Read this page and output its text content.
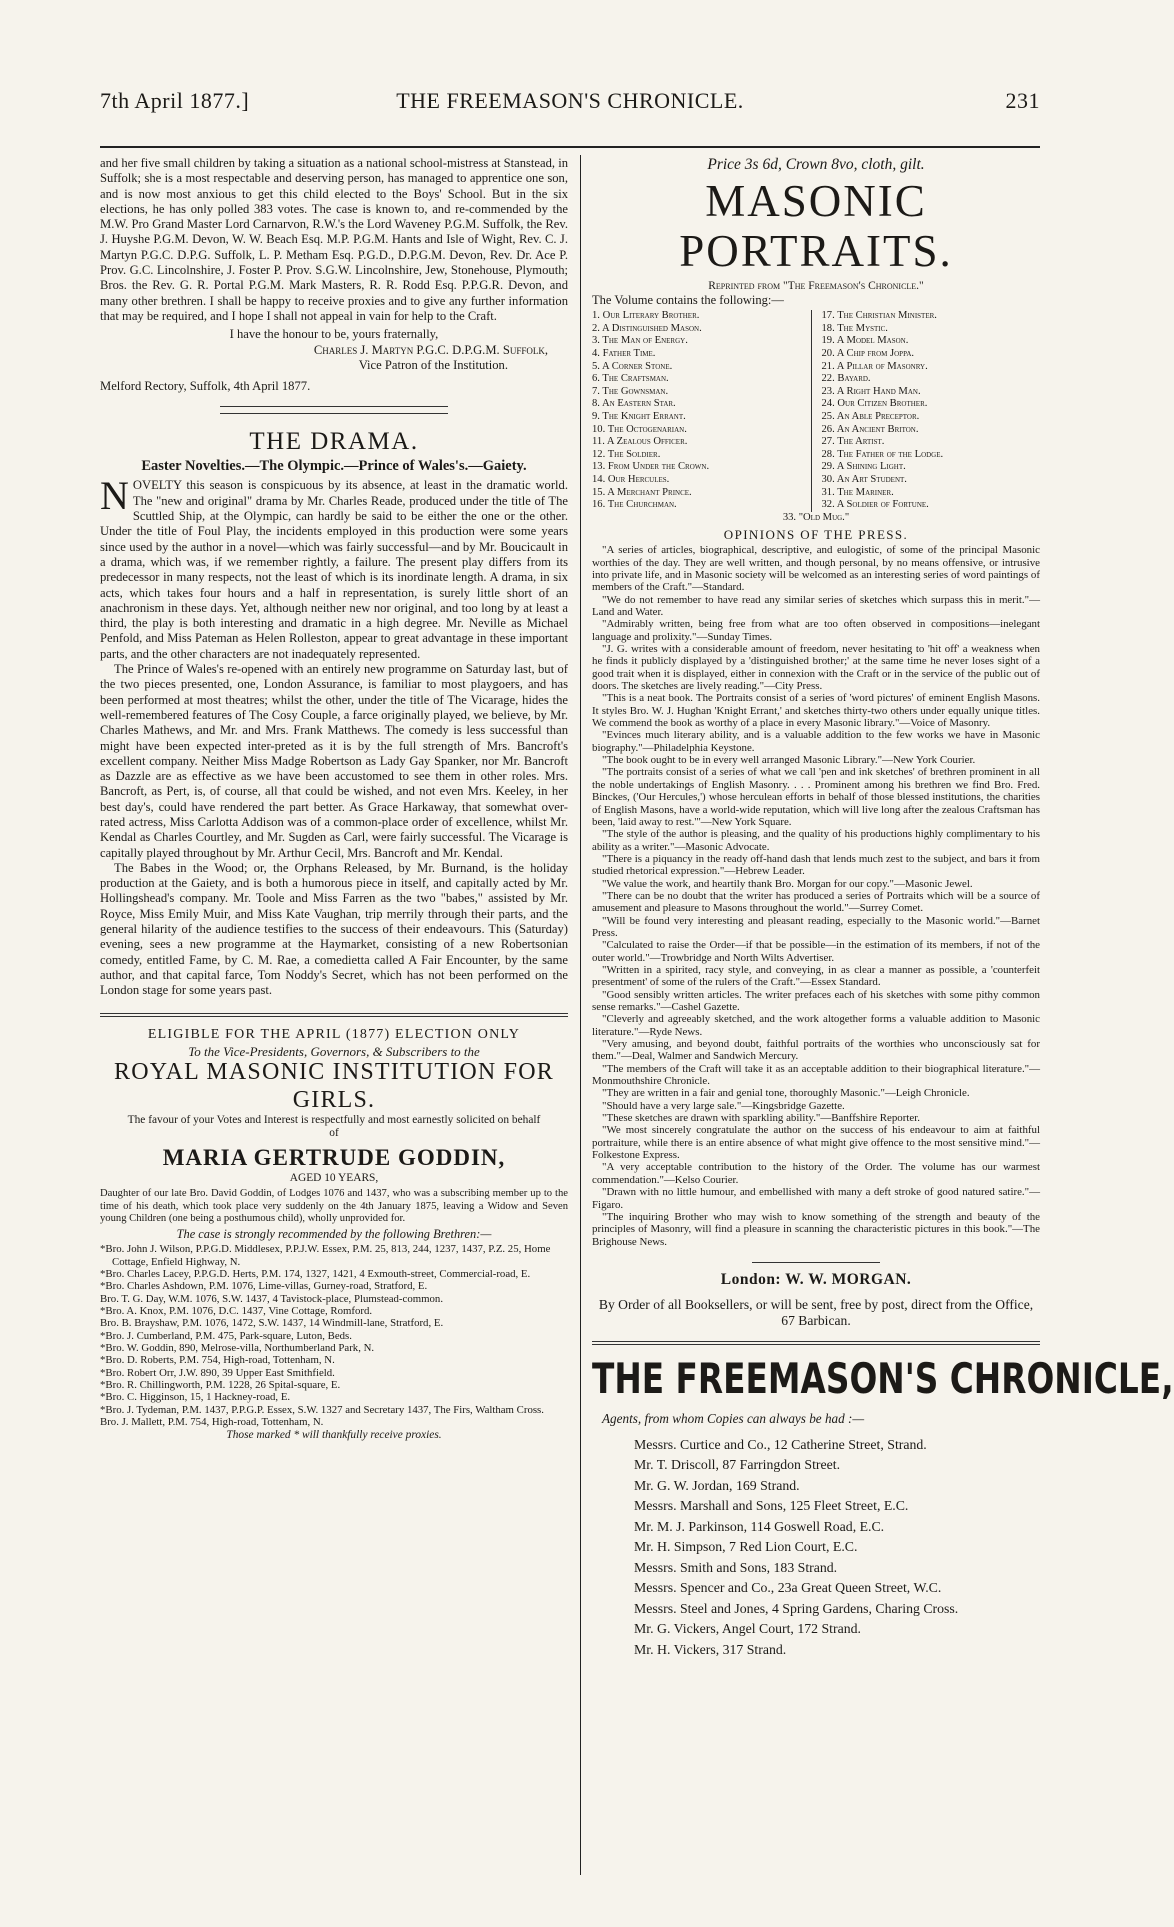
7th April 1877.]	THE FREEMASON'S CHRONICLE.	231

and her five small children by taking a situation as a national school-mistress at Stanstead, in Suffolk; she is a most respectable and deserving person, has managed to apprentice one son, and is now most anxious to get this child elected to the Boys' School. But in the six elections, he has only polled 383 votes. The case is known to, and re-commended by the M.W. Pro Grand Master Lord Carnarvon, R.W.'s the Lord Waveney P.G.M. Suffolk, the Rev. J. Huyshe P.G.M. Devon, W. W. Beach Esq. M.P. P.G.M. Hants and Isle of Wight, Rev. C. J. Martyn P.G.C. D.P.G. Suffolk, L. P. Metham Esq. P.G.D., D.P.G.M. Devon, Rev. Dr. Ace P. Prov. G.C. Lincolnshire, J. Foster P. Prov. S.G.W. Lincolnshire, Jew, Stonehouse, Plymouth; Bros. the Rev. G. R. Portal P.G.M. Mark Masters, R. R. Rodd Esq. P.P.G.R. Devon, and many other brethren. I shall be happy to receive proxies and to give any further information that may be required, and I hope I shall not appeal in vain for help to the Craft.

I have the honour to be, yours fraternally,

Charles J. Martyn P.G.C. D.P.G.M. Suffolk,

Vice Patron of the Institution.

Melford Rectory, Suffolk, 4th April 1877.

THE DRAMA.

Easter Novelties.—The Olympic.—Prince of Wales's.—Gaiety.

N OVELTY this season is conspicuous by its absence, at least in the dramatic world. The "new and original" drama by Mr. Charles Reade, produced under the title of The Scuttled Ship, at the Olympic, can hardly be said to be either the one or the other. Under the title of Foul Play, the incidents employed in this production were some years since used by the author in a novel—which was fairly successful—and by Mr. Boucicault in a drama, which was, if we remember rightly, a failure. The present play differs from its predecessor in many respects, not the least of which is its inordinate length. A drama, in six acts, which takes four hours and a half in representation, is surely little short of an anachronism in these days. Yet, although neither new nor original, and too long by at least a third, the play is both interesting and dramatic in a high degree. Mr. Neville as Michael Penfold, and Miss Pateman as Helen Rolleston, appear to great advantage in these important parts, and the other characters are not inadequately represented.

The Prince of Wales's re-opened with an entirely new programme on Saturday last, but of the two pieces presented, one, London Assurance, is familiar to most playgoers, and has been performed at most theatres; whilst the other, under the title of The Vicarage, hides the well-remembered features of The Cosy Couple, a farce originally played, we believe, by Mr. Charles Mathews, and Mr. and Mrs. Frank Matthews. The comedy is less successful than might have been expected inter-preted as it is by the full strength of Mrs. Bancroft's excellent company. Neither Miss Madge Robertson as Lady Gay Spanker, nor Mr. Bancroft as Dazzle are as effective as we have been accustomed to see them in other roles. Mrs. Bancroft, as Pert, is, of course, all that could be wished, and not even Mrs. Keeley, in her best day's, could have rendered the part better. As Grace Harkaway, that somewhat over-rated actress, Miss Carlotta Addison was of a common-place order of excellence, whilst Mr. Kendal as Charles Courtley, and Mr. Sugden as Carl, were fairly successful. The Vicarage is capitally played throughout by Mr. Arthur Cecil, Mrs. Bancroft and Mr. Kendal.

The Babes in the Wood; or, the Orphans Released, by Mr. Burnand, is the holiday production at the Gaiety, and is both a humorous piece in itself, and capitally acted by Mr. Hollingshead's company. Mr. Toole and Miss Farren as the two "babes," assisted by Mr. Royce, Miss Emily Muir, and Miss Kate Vaughan, trip merrily through their parts, and the general hilarity of the audience testifies to the success of their endeavours. This (Saturday) evening, sees a new programme at the Haymarket, consisting of a new Robertsonian comedy, entitled Fame, by C. M. Rae, a comedietta called A Fair Encounter, by the same author, and that capital farce, Tom Noddy's Secret, which has not been performed on the London stage for some years past.

ELIGIBLE FOR THE APRIL (1877) ELECTION ONLY

To the Vice-Presidents, Governors, & Subscribers to the

ROYAL MASONIC INSTITUTION FOR GIRLS.

The favour of your Votes and Interest is respectfully and most earnestly solicited on behalf of

MARIA GERTRUDE GODDIN,

AGED 10 YEARS,

Daughter of our late Bro. David Goddin, of Lodges 1076 and 1437, who was a subscribing member up to the time of his death, which took place very suddenly on the 4th January 1875, leaving a Widow and Seven young Children (one being a posthumous child), wholly unprovided for.

The case is strongly recommended by the following Brethren:—

*Bro. John J. Wilson, P.P.G.D. Middlesex, P.P.J.W. Essex, P.M. 25, 813, 244, 1237, 1437, P.Z. 25, Home Cottage, Enfield Highway, N.

*Bro. Charles Lacey, P.P.G.D. Herts, P.M. 174, 1327, 1421, 4 Exmouth-street, Commercial-road, E.

*Bro. Charles Ashdown, P.M. 1076, Lime-villas, Gurney-road, Stratford, E.

Bro. T. G. Day, W.M. 1076, S.W. 1437, 4 Tavistock-place, Plumstead-common.

*Bro. A. Knox, P.M. 1076, D.C. 1437, Vine Cottage, Romford.

Bro. B. Brayshaw, P.M. 1076, 1472, S.W. 1437, 14 Windmill-lane, Stratford, E.

*Bro. J. Cumberland, P.M. 475, Park-square, Luton, Beds.

*Bro. W. Goddin, 890, Melrose-villa, Northumberland Park, N.

*Bro. D. Roberts, P.M. 754, High-road, Tottenham, N.

*Bro. Robert Orr, J.W. 890, 39 Upper East Smithfield.

*Bro. R. Chillingworth, P.M. 1228, 26 Spital-square, E.

*Bro. C. Higginson, 15, 1 Hackney-road, E.

*Bro. J. Tydeman, P.M. 1437, P.P.G.P. Essex, S.W. 1327 and Secretary 1437, The Firs, Waltham Cross.

Bro. J. Mallett, P.M. 754, High-road, Tottenham, N.

Those marked * will thankfully receive proxies.

Price 3s 6d, Crown 8vo, cloth, gilt.

MASONIC PORTRAITS.

Reprinted from "The Freemason's Chronicle."

The Volume contains the following:—

1. Our Literary Brother.
2. A Distinguished Mason.
3. The Man of Energy.
4. Father Time.
5. A Corner Stone.
6. The Craftsman.
7. The Gownsman.
8. An Eastern Star.
9. The Knight Errant.
10. The Octogenarian.
11. A Zealous Officer.
12. The Soldier.
13. From Under the Crown.
14. Our Hercules.
15. A Merchant Prince.
16. The Churchman.
17. The Christian Minister.
18. The Mystic.
19. A Model Mason.
20. A Chip from Joppa.
21. A Pillar of Masonry.
22. Bayard.
23. A Right Hand Man.
24. Our Citizen Brother.
25. An Able Preceptor.
26. An Ancient Briton.
27. The Artist.
28. The Father of the Lodge.
29. A Shining Light.
30. An Art Student.
31. The Mariner.
32. A Soldier of Fortune.

33. "Old Mug."

OPINIONS OF THE PRESS.

"A series of articles, biographical, descriptive, and eulogistic, of some of the principal Masonic worthies of the day. They are well written, and though personal, by no means offensive, or intrusive into private life, and in Masonic society will be welcomed as an interesting series of word paintings of members of the Craft."—Standard.

"We do not remember to have read any similar series of sketches which surpass this in merit."—Land and Water.

"Admirably written, being free from what are too often observed in compositions—inelegant language and prolixity."—Sunday Times.

"J. G. writes with a considerable amount of freedom, never hesitating to 'hit off' a weakness when he finds it publicly displayed by a 'distinguished brother;' at the same time he never loses sight of a good trait when it is displayed, either in connexion with the Craft or in the service of the public out of doors. The sketches are lively reading."—City Press.

"This is a neat book. The Portraits consist of a series of 'word pictures' of eminent English Masons. It styles Bro. W. J. Hughan 'Knight Errant,' and sketches thirty-two others under equally unique titles. We commend the book as worthy of a place in every Masonic library."—Voice of Masonry.

"Evinces much literary ability, and is a valuable addition to the few works we have in Masonic biography."—Philadelphia Keystone.

"The book ought to be in every well arranged Masonic Library."—New York Courier.

"The portraits consist of a series of what we call 'pen and ink sketches' of brethren prominent in all the noble undertakings of English Masonry. . . . Prominent among his brethren we find Bro. Fred. Binckes, ('Our Hercules,') whose herculean efforts in behalf of those blessed institutions, the charities of English Masons, have a world-wide reputation, which will live long after the zealous Craftsman has been, 'laid away to rest.'"—New York Square.

"The style of the author is pleasing, and the quality of his productions highly complimentary to his ability as a writer."—Masonic Advocate.

"There is a piquancy in the ready off-hand dash that lends much zest to the subject, and bars it from studied rhetorical expression."—Hebrew Leader.

"We value the work, and heartily thank Bro. Morgan for our copy."—Masonic Jewel.

"There can be no doubt that the writer has produced a series of Portraits which will be a source of amusement and pleasure to Masons throughout the world."—Surrey Comet.

"Will be found very interesting and pleasant reading, especially to the Masonic world."—Barnet Press.

"Calculated to raise the Order—if that be possible—in the estimation of its members, if not of the outer world."—Trowbridge and North Wilts Advertiser.

"Written in a spirited, racy style, and conveying, in as clear a manner as possible, a 'counterfeit presentment' of some of the rulers of the Craft."—Essex Standard.

"Good sensibly written articles. The writer prefaces each of his sketches with some pithy common sense remarks."—Cashel Gazette.

"Cleverly and agreeably sketched, and the work altogether forms a valuable addition to Masonic literature."—Ryde News.

"Very amusing, and beyond doubt, faithful portraits of the worthies who unconsciously sat for them."—Deal, Walmer and Sandwich Mercury.

"The members of the Craft will take it as an acceptable addition to their biographical literature."—Monmouthshire Chronicle.

"They are written in a fair and genial tone, thoroughly Masonic."—Leigh Chronicle.

"Should have a very large sale."—Kingsbridge Gazette.

"These sketches are drawn with sparkling ability."—Banffshire Reporter.

"We most sincerely congratulate the author on the success of his endeavour to aim at faithful portraiture, while there is an entire absence of what might give offence to the most sensitive mind."—Folkestone Express.

"A very acceptable contribution to the history of the Order. The volume has our warmest commendation."—Kelso Courier.

"Drawn with no little humour, and embellished with many a deft stroke of good natured satire."—Figaro.

"The inquiring Brother who may wish to know something of the strength and beauty of the principles of Masonry, will find a pleasure in scanning the characteristic pictures in this book."—The Brighouse News.

London: W. W. MORGAN.

By Order of all Booksellers, or will be sent, free by post, direct from the Office, 67 Barbican.

THE FREEMASON'S CHRONICLE,

Agents, from whom Copies can always be had :—

Messrs. Curtice and Co., 12 Catherine Street, Strand.

Mr. T. Driscoll, 87 Farringdon Street.

Mr. G. W. Jordan, 169 Strand.

Messrs. Marshall and Sons, 125 Fleet Street, E.C.

Mr. M. J. Parkinson, 114 Goswell Road, E.C.

Mr. H. Simpson, 7 Red Lion Court, E.C.

Messrs. Smith and Sons, 183 Strand.

Messrs. Spencer and Co., 23a Great Queen Street, W.C.

Messrs. Steel and Jones, 4 Spring Gardens, Charing Cross.

Mr. G. Vickers, Angel Court, 172 Strand.

Mr. H. Vickers, 317 Strand.
